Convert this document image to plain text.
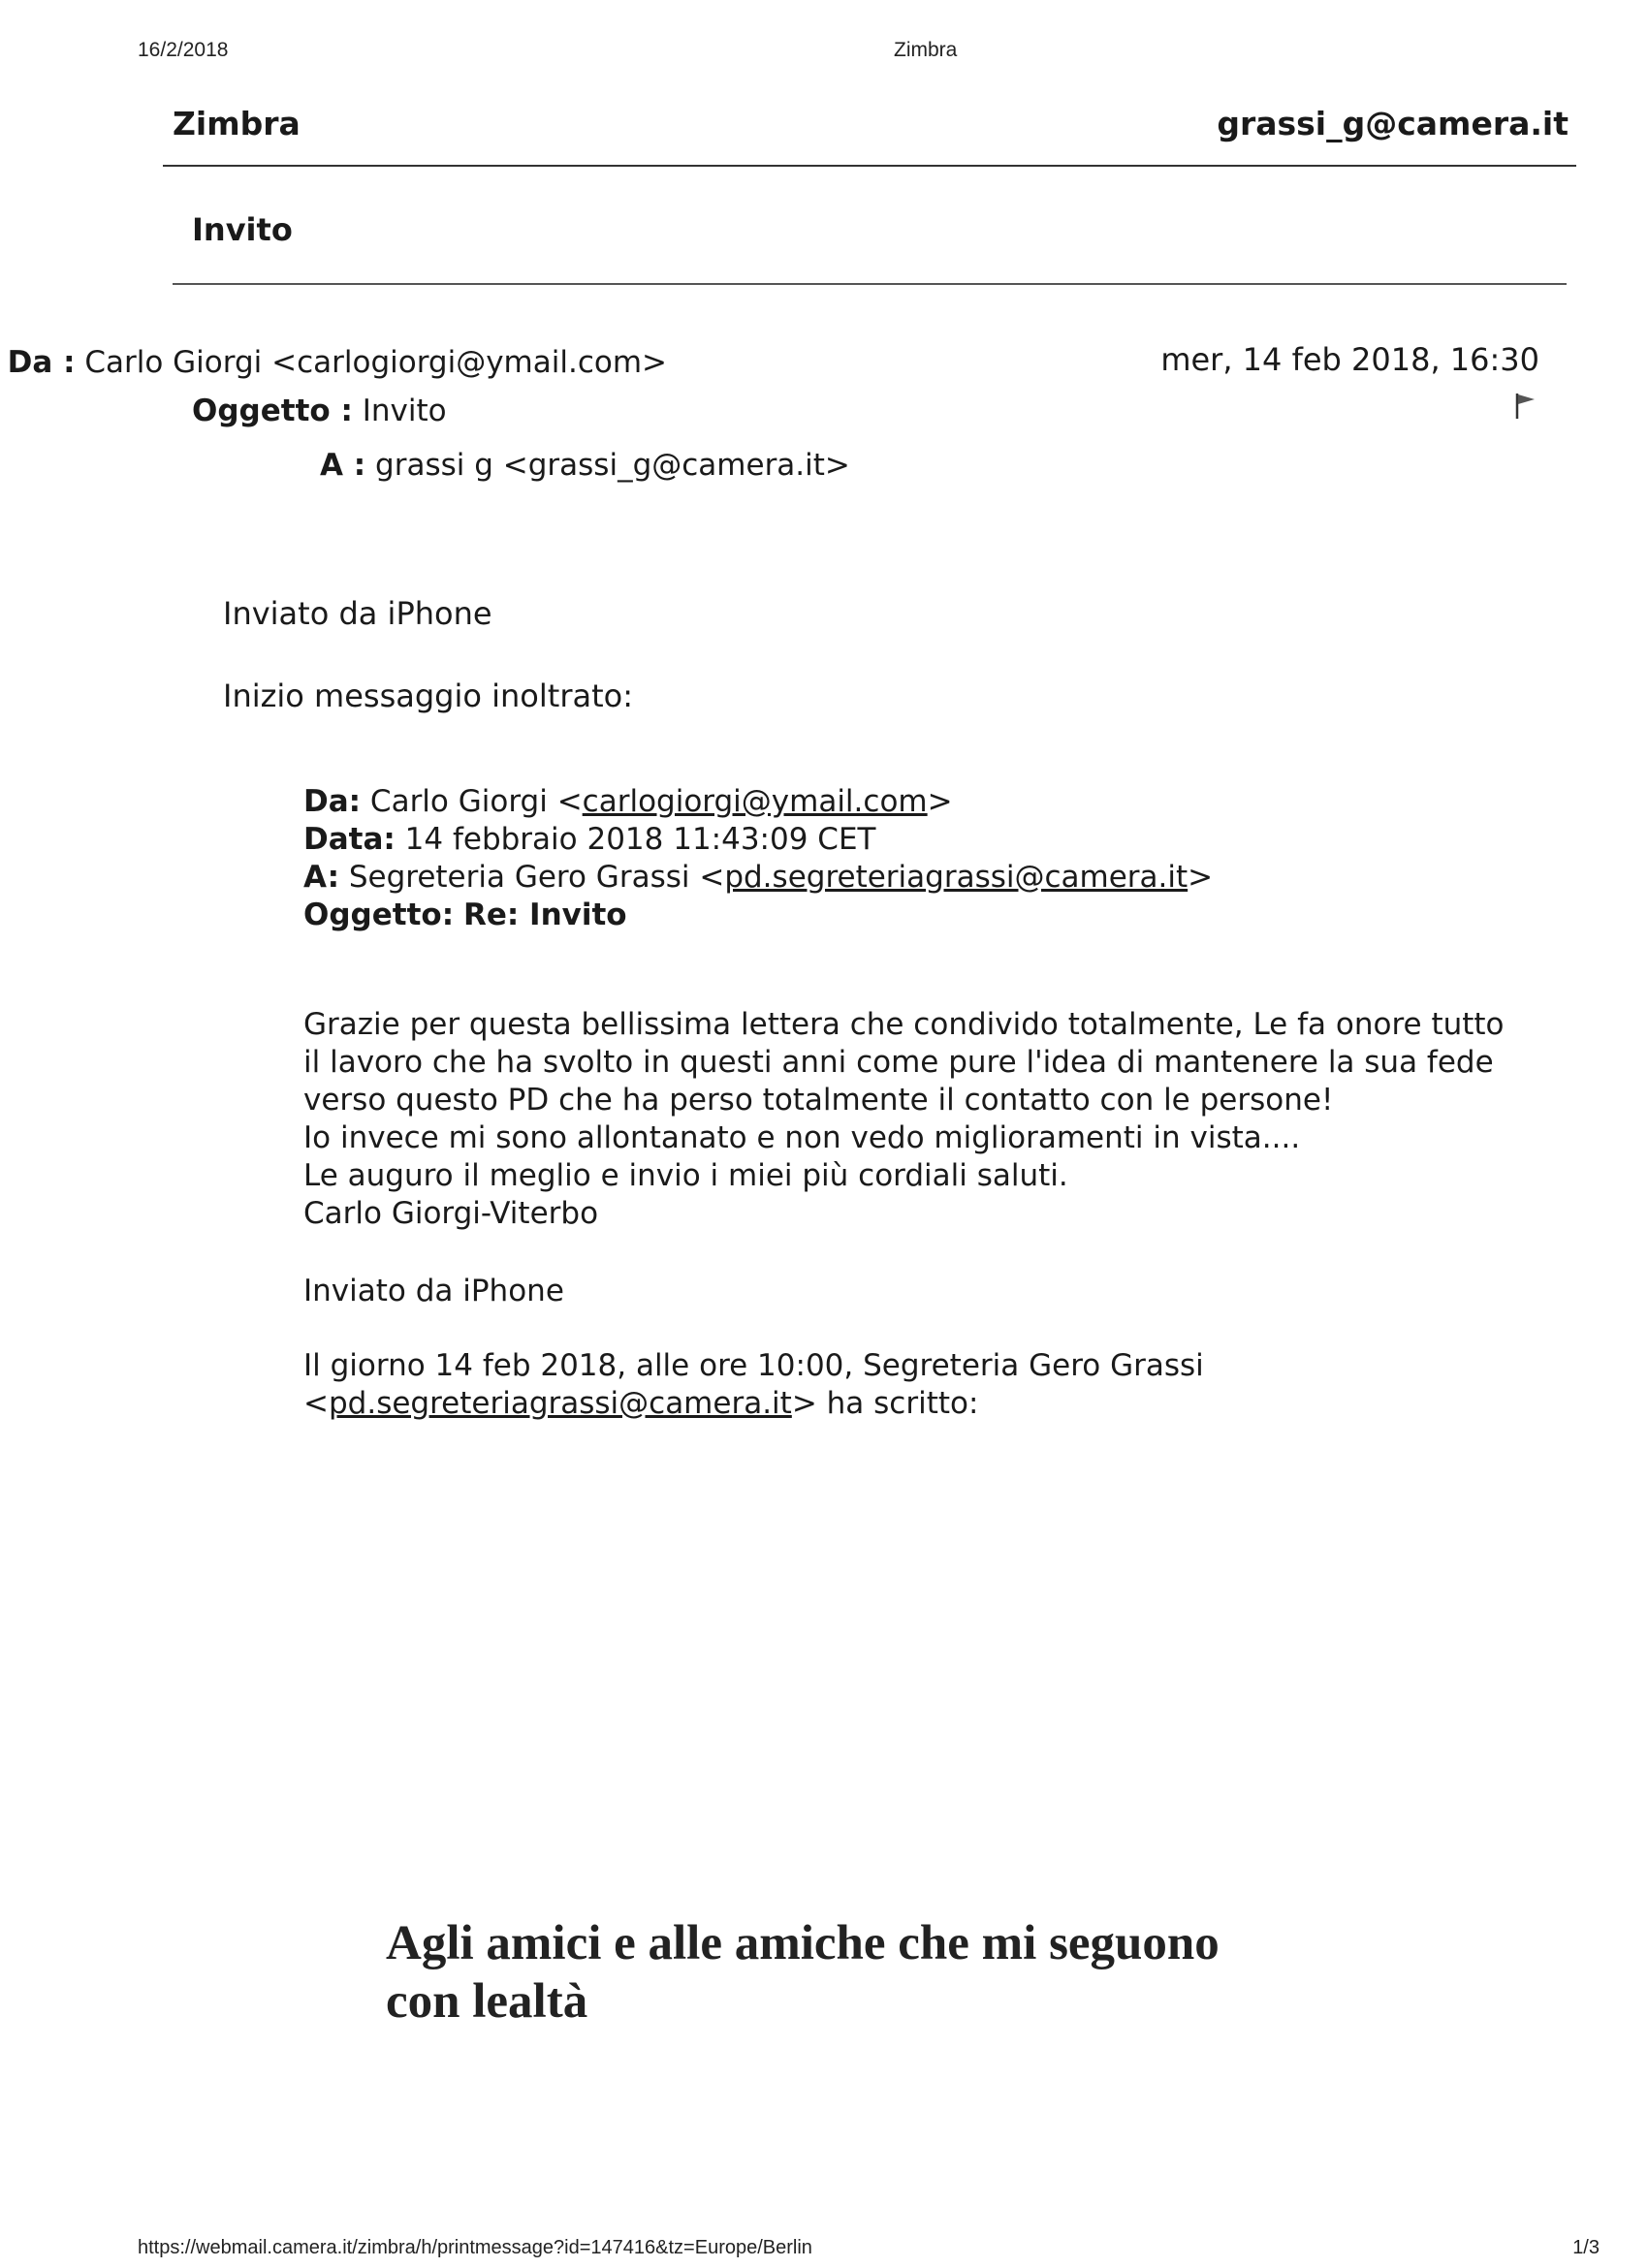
16/2/2018	Zimbra
Zimbra	grassi_g@camera.it
Invito
Da : Carlo Giorgi <carlogiorgi@ymail.com>
Oggetto : Invito
A : grassi g <grassi_g@camera.it>
mer, 14 feb 2018, 16:30
Inviato da iPhone
Inizio messaggio inoltrato:
Da: Carlo Giorgi <carlogiorgi@ymail.com>
Data: 14 febbraio 2018 11:43:09 CET
A: Segreteria Gero Grassi <pd.segreteriagrassi@camera.it>
Oggetto: Re: Invito
Grazie per questa bellissima lettera che condivido totalmente, Le fa onore tutto
il lavoro che ha svolto in questi anni come pure l'idea di mantenere la sua fede
verso questo PD che ha perso totalmente il contatto con le persone!
Io invece mi sono allontanato e non vedo miglioramenti in vista....
Le auguro il meglio e invio i miei più cordiali saluti.
Carlo Giorgi-Viterbo
Inviato da iPhone
Il giorno 14 feb 2018, alle ore 10:00, Segreteria Gero Grassi
<pd.segreteriagrassi@camera.it> ha scritto:
Agli amici e alle amiche che mi seguono
con lealtà
https://webmail.camera.it/zimbra/h/printmessage?id=147416&tz=Europe/Berlin	1/3
